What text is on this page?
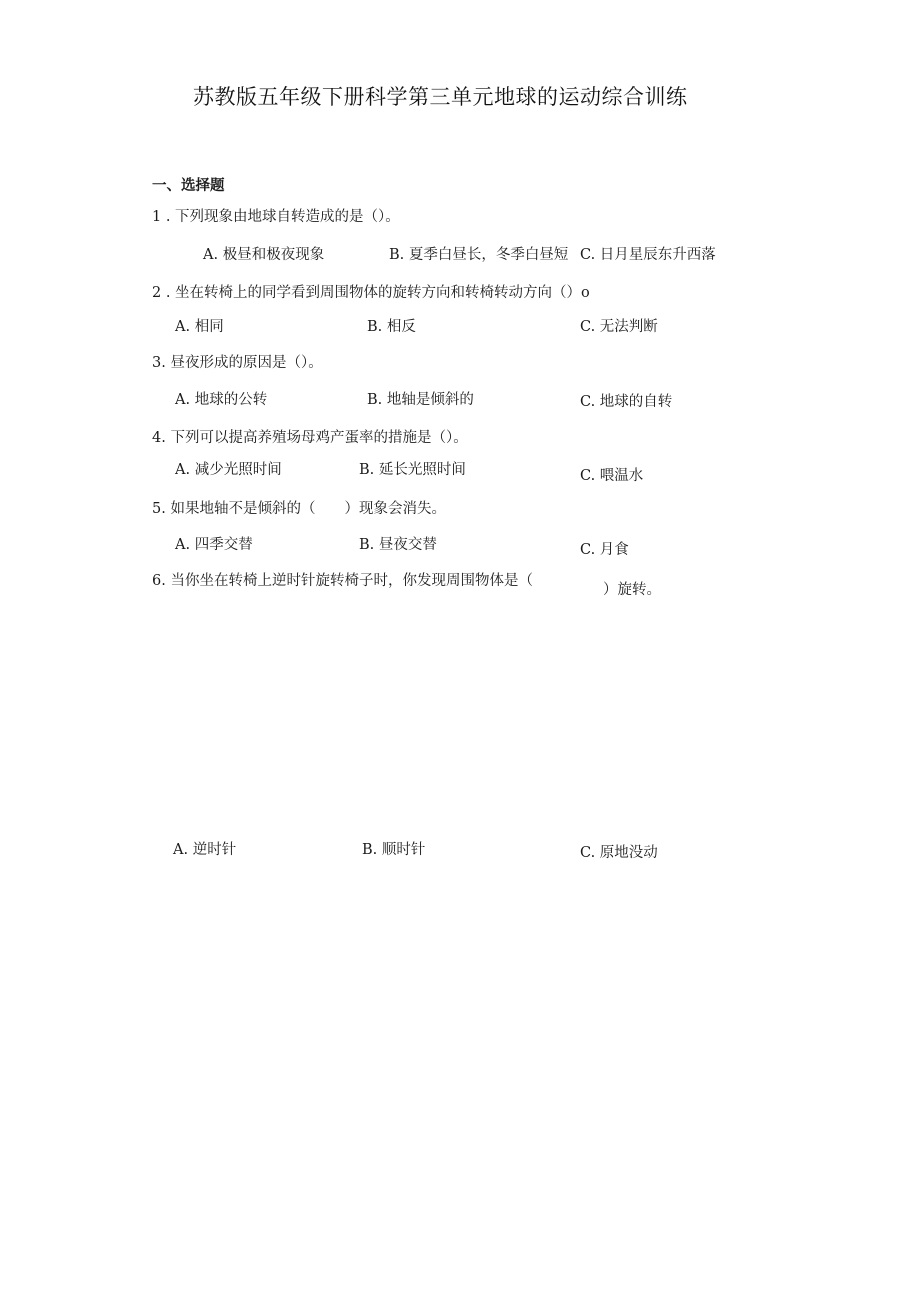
苏教版五年级下册科学第三单元地球的运动综合训练
一、选择题
1 . 下列现象由地球自转造成的是（）。
A. 极昼和极夜现象	B. 夏季白昼长，冬季白昼短 C. 日月星辰东升西落
2 . 坐在转椅上的同学看到周围物体的旋转方向和转椅转动方向（）o
A. 相同	B. 相反	C. 无法判断
3. 昼夜形成的原因是（）。
A. 地球的公转	B. 地轴是倾斜的	C. 地球的自转
4. 下列可以提高养殖场母鸡产蛋率的措施是（）。
A. 减少光照时间	B. 延长光照时间	C. 喂温水
5. 如果地轴不是倾斜的（　　）现象会消失。
A. 四季交替	B. 昼夜交替	C. 月食
6. 当你坐在转椅上逆时针旋转椅子时，你发现周围物体是（
）旋转。
A. 逆时针	B. 顺时针	C. 原地没动
